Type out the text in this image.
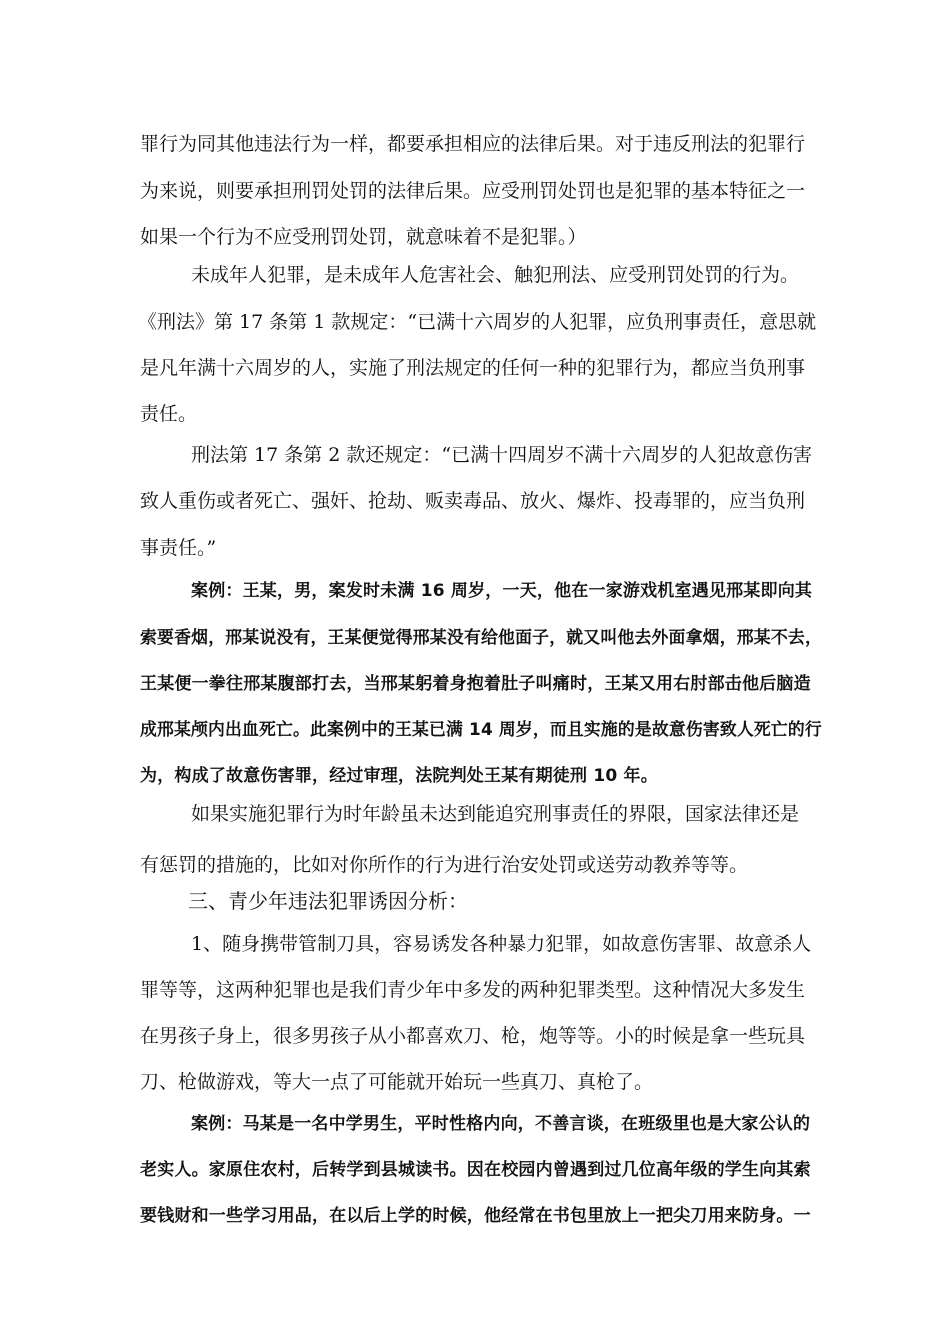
罪行为同其他违法行为一样，都要承担相应的法律后果。对于违反刑法的犯罪行
为来说，则要承担刑罚处罚的法律后果。应受刑罚处罚也是犯罪的基本特征之一
如果一个行为不应受刑罚处罚，就意味着不是犯罪。）
未成年人犯罪，是未成年人危害社会、触犯刑法、应受刑罚处罚的行为。
《刑法》第 17 条第 1 款规定：“已满十六周岁的人犯罪，应负刑事责任，意思就
是凡年满十六周岁的人，实施了刑法规定的任何一种的犯罪行为，都应当负刑事
责任。
刑法第 17 条第 2 款还规定：“已满十四周岁不满十六周岁的人犯故意伤害
致人重伤或者死亡、强奸、抢劫、贩卖毒品、放火、爆炸、投毒罪的，应当负刑
事责任。”
案例：王某，男，案发时未满 16 周岁，一天，他在一家游戏机室遇见邢某即向其
索要香烟，邢某说没有，王某便觉得邢某没有给他面子，就又叫他去外面拿烟，邢某不去，
王某便一拳往邢某腹部打去，当邢某躬着身抱着肚子叫痛时，王某又用右肘部击他后脑造
成邢某颅内出血死亡。此案例中的王某已满 14 周岁，而且实施的是故意伤害致人死亡的行
为，构成了故意伤害罪，经过审理，法院判处王某有期徒刑 10 年。
如果实施犯罪行为时年龄虽未达到能追究刑事责任的界限，国家法律还是
有惩罚的措施的，比如对你所作的行为进行治安处罚或送劳动教养等等。
三、青少年违法犯罪诱因分析：
1、随身携带管制刀具，容易诱发各种暴力犯罪，如故意伤害罪、故意杀人
罪等等，这两种犯罪也是我们青少年中多发的两种犯罪类型。这种情况大多发生
在男孩子身上，很多男孩子从小都喜欢刀、枪，炮等等。小的时候是拿一些玩具
刀、枪做游戏，等大一点了可能就开始玩一些真刀、真枪了。
案例：马某是一名中学男生，平时性格内向，不善言谈，在班级里也是大家公认的
老实人。家原住农村，后转学到县城读书。因在校园内曾遇到过几位高年级的学生向其索
要钱财和一些学习用品，在以后上学的时候，他经常在书包里放上一把尖刀用来防身。一
